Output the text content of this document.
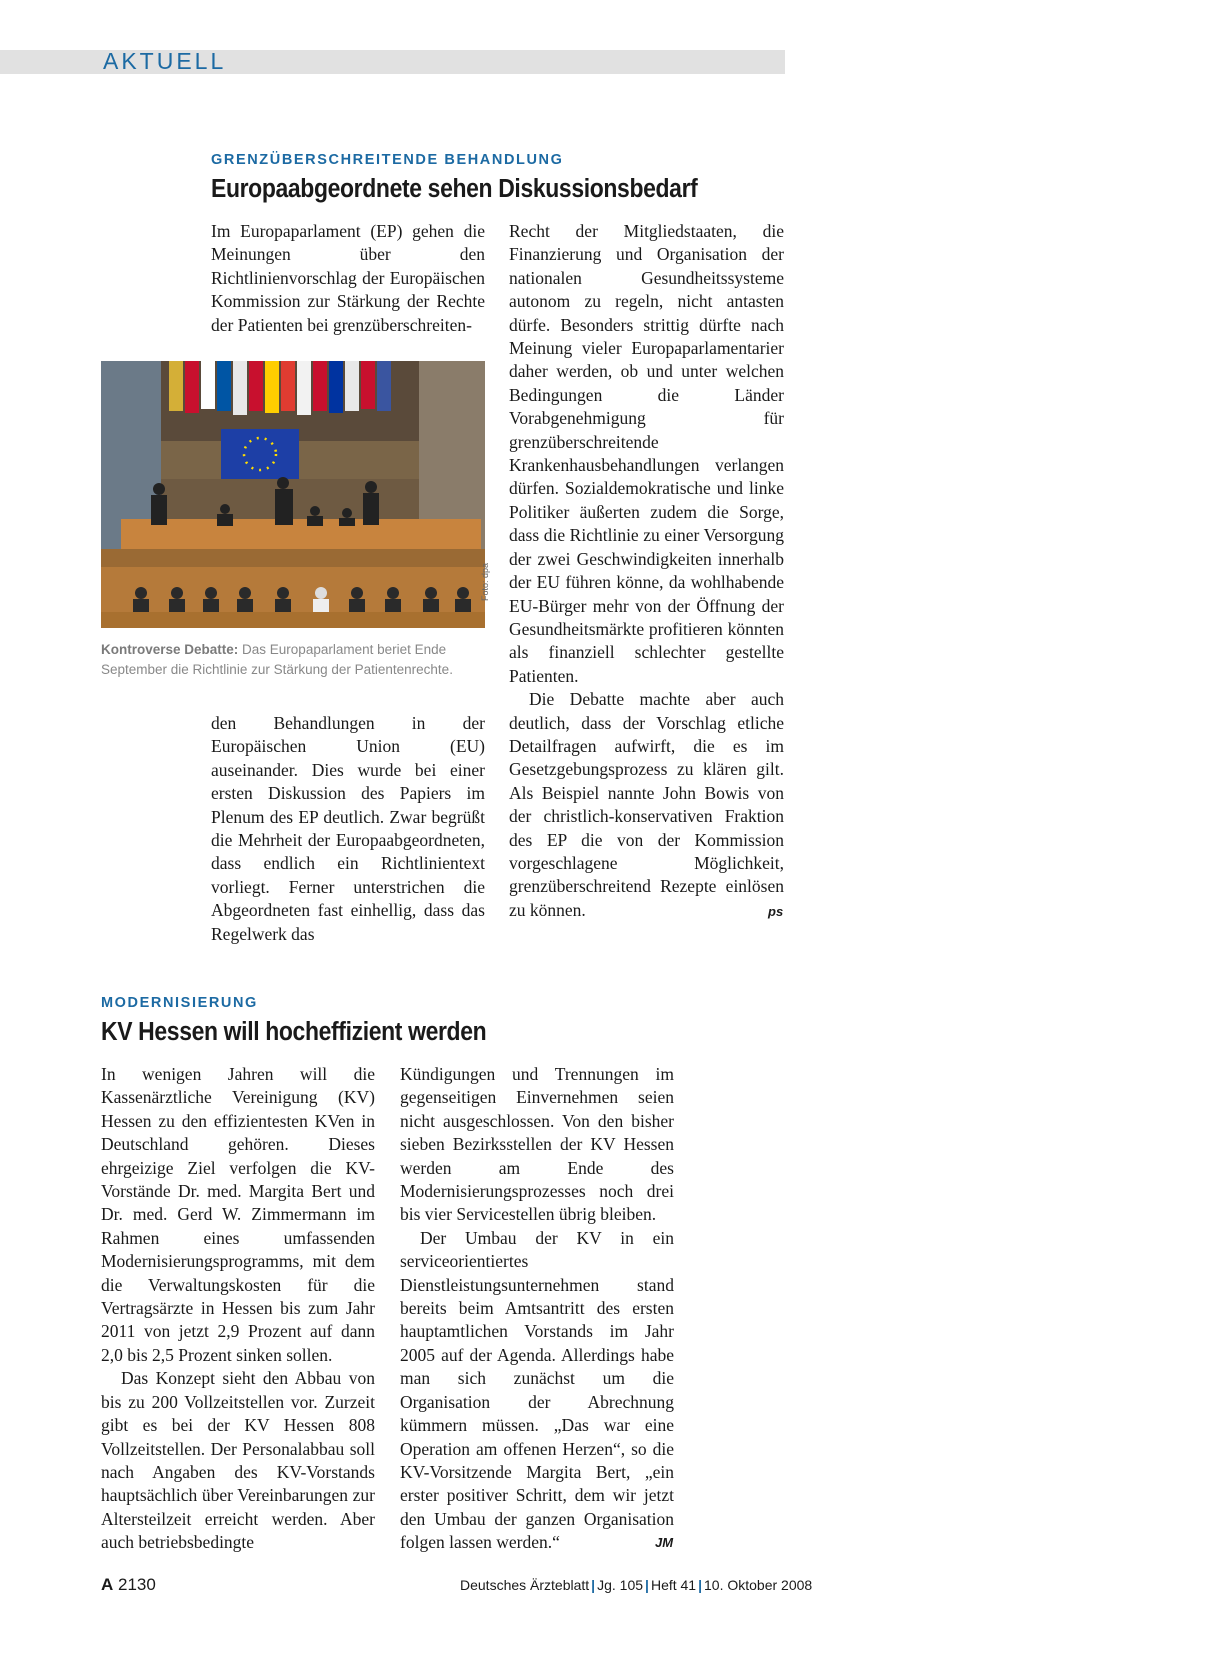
AKTUELL
GRENZÜBERSCHREITENDE BEHANDLUNG
Europaabgeordnete sehen Diskussionsbedarf

Im Europaparlament (EP) gehen die Meinungen über den Richtlinienvorschlag der Europäischen Kommission zur Stärkung der Rechte der Patienten bei grenzüberschreiten-

Foto: dpa
Kontroverse Debatte: Das Europaparlament beriet Ende September die Richtlinie zur Stärkung der Patientenrechte.

den Behandlungen in der Europäischen Union (EU) auseinander. Dies wurde bei einer ersten Diskussion des Papiers im Plenum des EP deutlich. Zwar begrüßt die Mehrheit der Europaabgeordneten, dass endlich ein Richtlinientext vorliegt. Ferner unterstrichen die Abgeordneten fast einhellig, dass das Regelwerk das

Recht der Mitgliedstaaten, die Finanzierung und Organisation der nationalen Gesundheitssysteme autonom zu regeln, nicht antasten dürfe. Besonders strittig dürfte nach Meinung vieler Europaparlamentarier daher werden, ob und unter welchen Bedingungen die Länder Vorabgenehmigung für grenzüberschreitende Krankenhausbehandlungen verlangen dürfen. Sozialdemokratische und linke Politiker äußerten zudem die Sorge, dass die Richtlinie zu einer Versorgung der zwei Geschwindigkeiten innerhalb der EU führen könne, da wohlhabende EU-Bürger mehr von der Öffnung der Gesundheitsmärkte profitieren könnten als finanziell schlechter gestellte Patienten.

Die Debatte machte aber auch deutlich, dass der Vorschlag etliche Detailfragen aufwirft, die es im Gesetzgebungsprozess zu klären gilt. Als Beispiel nannte John Bowis von der christlich-konservativen Fraktion des EP die von der Kommission vorgeschlagene Möglichkeit, grenzüberschreitend Rezepte einlösen zu können.	ps
MODERNISIERUNG
KV Hessen will hocheffizient werden

In wenigen Jahren will die Kassenärztliche Vereinigung (KV) Hessen zu den effizientesten KVen in Deutschland gehören. Dieses ehrgeizige Ziel verfolgen die KV-Vorstände Dr. med. Margita Bert und Dr. med. Gerd W. Zimmermann im Rahmen eines umfassenden Modernisierungsprogramms, mit dem die Verwaltungskosten für die Vertragsärzte in Hessen bis zum Jahr 2011 von jetzt 2,9 Prozent auf dann 2,0 bis 2,5 Prozent sinken sollen.

Das Konzept sieht den Abbau von bis zu 200 Vollzeitstellen vor. Zurzeit gibt es bei der KV Hessen 808 Vollzeitstellen. Der Personalabbau soll nach Angaben des KV-Vorstands hauptsächlich über Vereinbarungen zur Altersteilzeit erreicht werden. Aber auch betriebsbedingte

Kündigungen und Trennungen im gegenseitigen Einvernehmen seien nicht ausgeschlossen. Von den bisher sieben Bezirksstellen der KV Hessen werden am Ende des Modernisierungsprozesses noch drei bis vier Servicestellen übrig bleiben.

Der Umbau der KV in ein serviceorientiertes Dienstleistungsunternehmen stand bereits beim Amtsantritt des ersten hauptamtlichen Vorstands im Jahr 2005 auf der Agenda. Allerdings habe man sich zunächst um die Organisation der Abrechnung kümmern müssen. „Das war eine Operation am offenen Herzen“, so die KV-Vorsitzende Margita Bert, „ein erster positiver Schritt, dem wir jetzt den Umbau der ganzen Organisation folgen lassen werden.“	JM
A 2130	Deutsches Ärzteblatt | Jg. 105 | Heft 41 | 10. Oktober 2008
